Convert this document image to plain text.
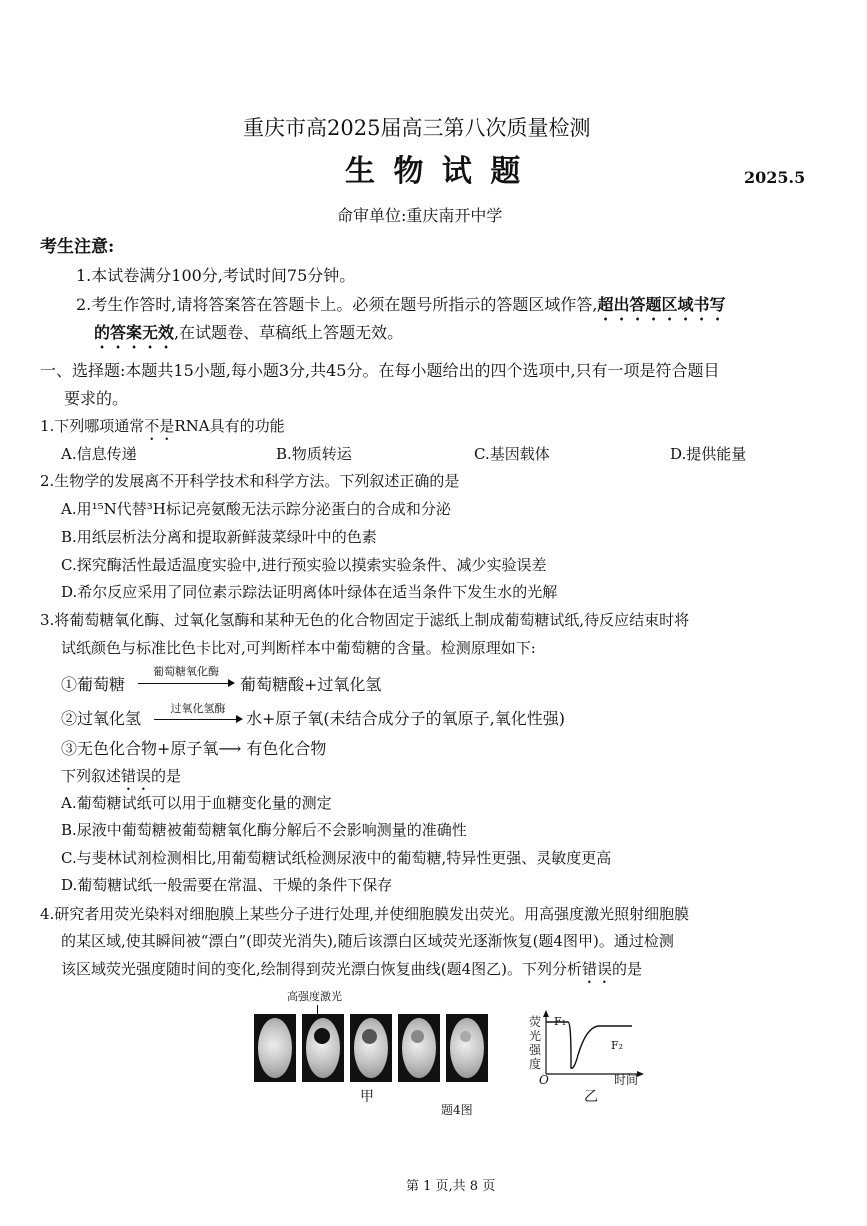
重庆市高2025届高三第八次质量检测
生 物 试 题	2025.5
命审单位:重庆南开中学
考生注意:
1.本试卷满分100分,考试时间75分钟。
2.考生作答时,请将答案答在答题卡上。必须在题号所指示的答题区域作答,超出答题区域书写
的答案无效,在试题卷、草稿纸上答题无效。
一、选择题:本题共15小题,每小题3分,共45分。在每小题给出的四个选项中,只有一项是符合题目
要求的。
1.下列哪项通常不是RNA具有的功能
A.信息传递	B.物质转运	C.基因载体	D.提供能量
2.生物学的发展离不开科学技术和科学方法。下列叙述正确的是
A.用¹⁵N代替³H标记亮氨酸无法示踪分泌蛋白的合成和分泌
B.用纸层析法分离和提取新鲜菠菜绿叶中的色素
C.探究酶活性最适温度实验中,进行预实验以摸索实验条件、减少实验误差
D.希尔反应采用了同位素示踪法证明离体叶绿体在适当条件下发生水的光解
3.将葡萄糖氧化酶、过氧化氢酶和某种无色的化合物固定于滤纸上制成葡萄糖试纸,待反应结束时将
试纸颜色与标准比色卡比对,可判断样本中葡萄糖的含量。检测原理如下:
①葡萄糖
葡萄糖氧化酶
葡萄糖酸+过氧化氢
②过氧化氢
过氧化氢酶
水+原子氧(未结合成分子的氧原子,氧化性强)
③无色化合物+原子氧⟶ 有色化合物
下列叙述错误的是
A.葡萄糖试纸可以用于血糖变化量的测定
B.尿液中葡萄糖被葡萄糖氧化酶分解后不会影响测量的准确性
C.与斐林试剂检测相比,用葡萄糖试纸检测尿液中的葡萄糖,特异性更强、灵敏度更高
D.葡萄糖试纸一般需要在常温、干燥的条件下保存
4.研究者用荧光染料对细胞膜上某些分子进行处理,并使细胞膜发出荧光。用高强度激光照射细胞膜
的某区域,使其瞬间被“漂白”(即荧光消失),随后该漂白区域荧光逐渐恢复(题4图甲)。通过检测
该区域荧光强度随时间的变化,绘制得到荧光漂白恢复曲线(题4图乙)。下列分析错误的是
高强度激光
甲
题4图
荧
光
强
度
F₁
F₂
O	时间
乙
第 1 页,共 8 页
